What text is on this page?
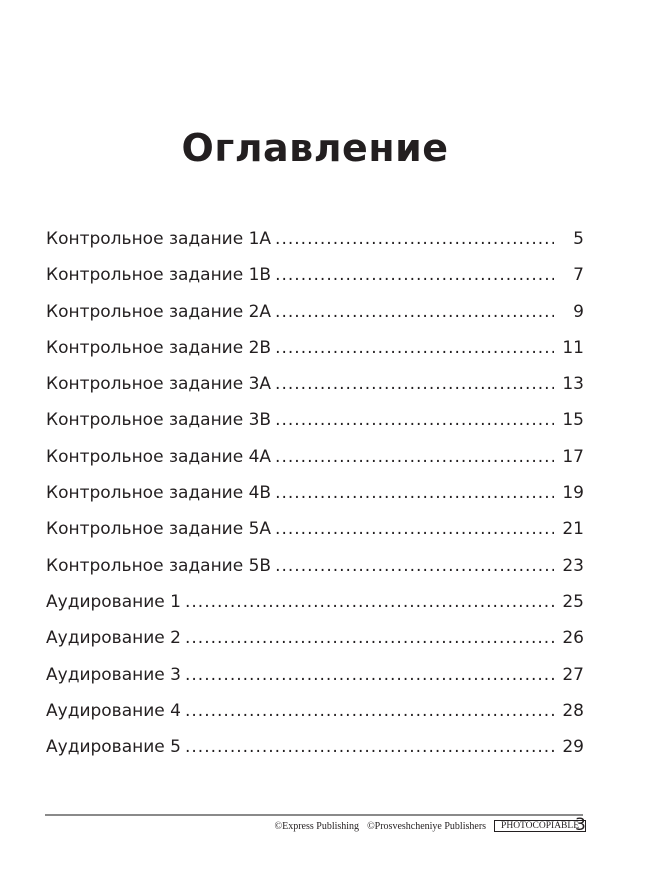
Оглавление
Контрольное задание 1A . . .	5
Контрольное задание 1B . . .	7
Контрольное задание 2A . . .	9
Контрольное задание 2B . . .	11
Контрольное задание 3A . . .	13
Контрольное задание 3B . . .	15
Контрольное задание 4A . . .	17
Контрольное задание 4B . . .	19
Контрольное задание 5A . . .	21
Контрольное задание 5B . . .	23
Аудирование 1 . . .	25
Аудирование 2 . . .	26
Аудирование 3 . . .	27
Аудирование 4 . . .	28
Аудирование 5 . . .	29
©Express Publishing ©Prosveshcheniye Publishers	PHOTOCOPIABLE
3
